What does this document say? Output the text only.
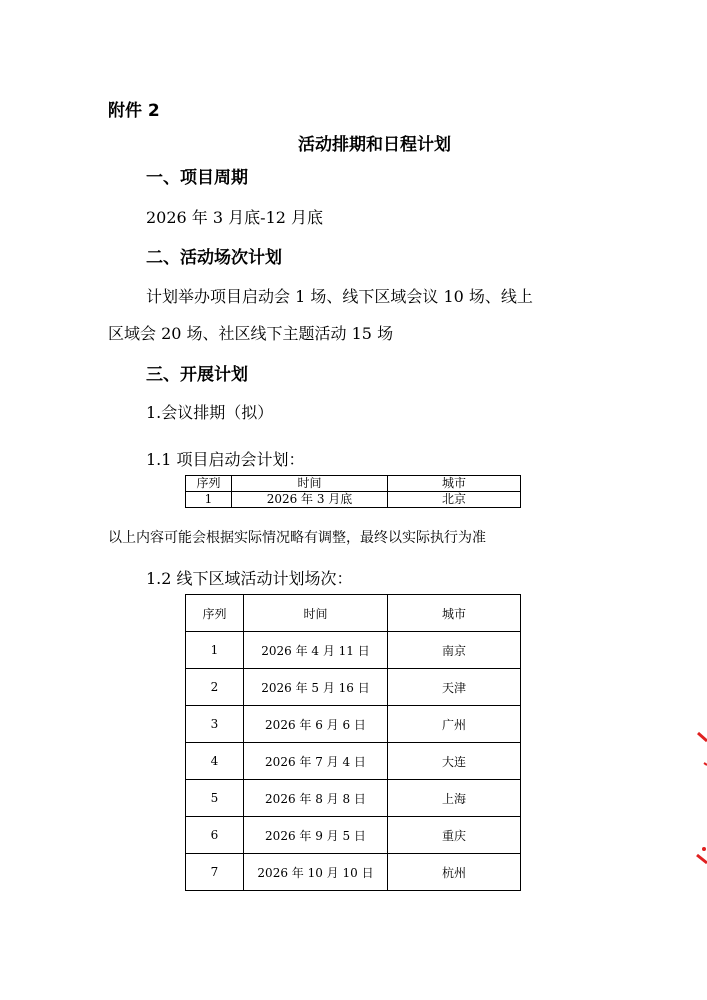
附件 2
活动排期和日程计划
一、项目周期
2026 年 3 月底-12 月底
二、活动场次计划
计划举办项目启动会 1 场、线下区域会议 10 场、线上
区域会 20 场、社区线下主题活动 15 场
三、开展计划
1.会议排期（拟）
1.1 项目启动会计划：
序列	时间	城市
1	2026 年 3 月底	北京
以上内容可能会根据实际情况略有调整，最终以实际执行为准
1.2 线下区域活动计划场次：
序列	时间	城市
1	2026 年 4 月 11 日	南京
2	2026 年 5 月 16 日	天津
3	2026 年 6 月 6 日	广州
4	2026 年 7 月 4 日	大连
5	2026 年 8 月 8 日	上海
6	2026 年 9 月 5 日	重庆
7	2026 年 10 月 10 日	杭州
